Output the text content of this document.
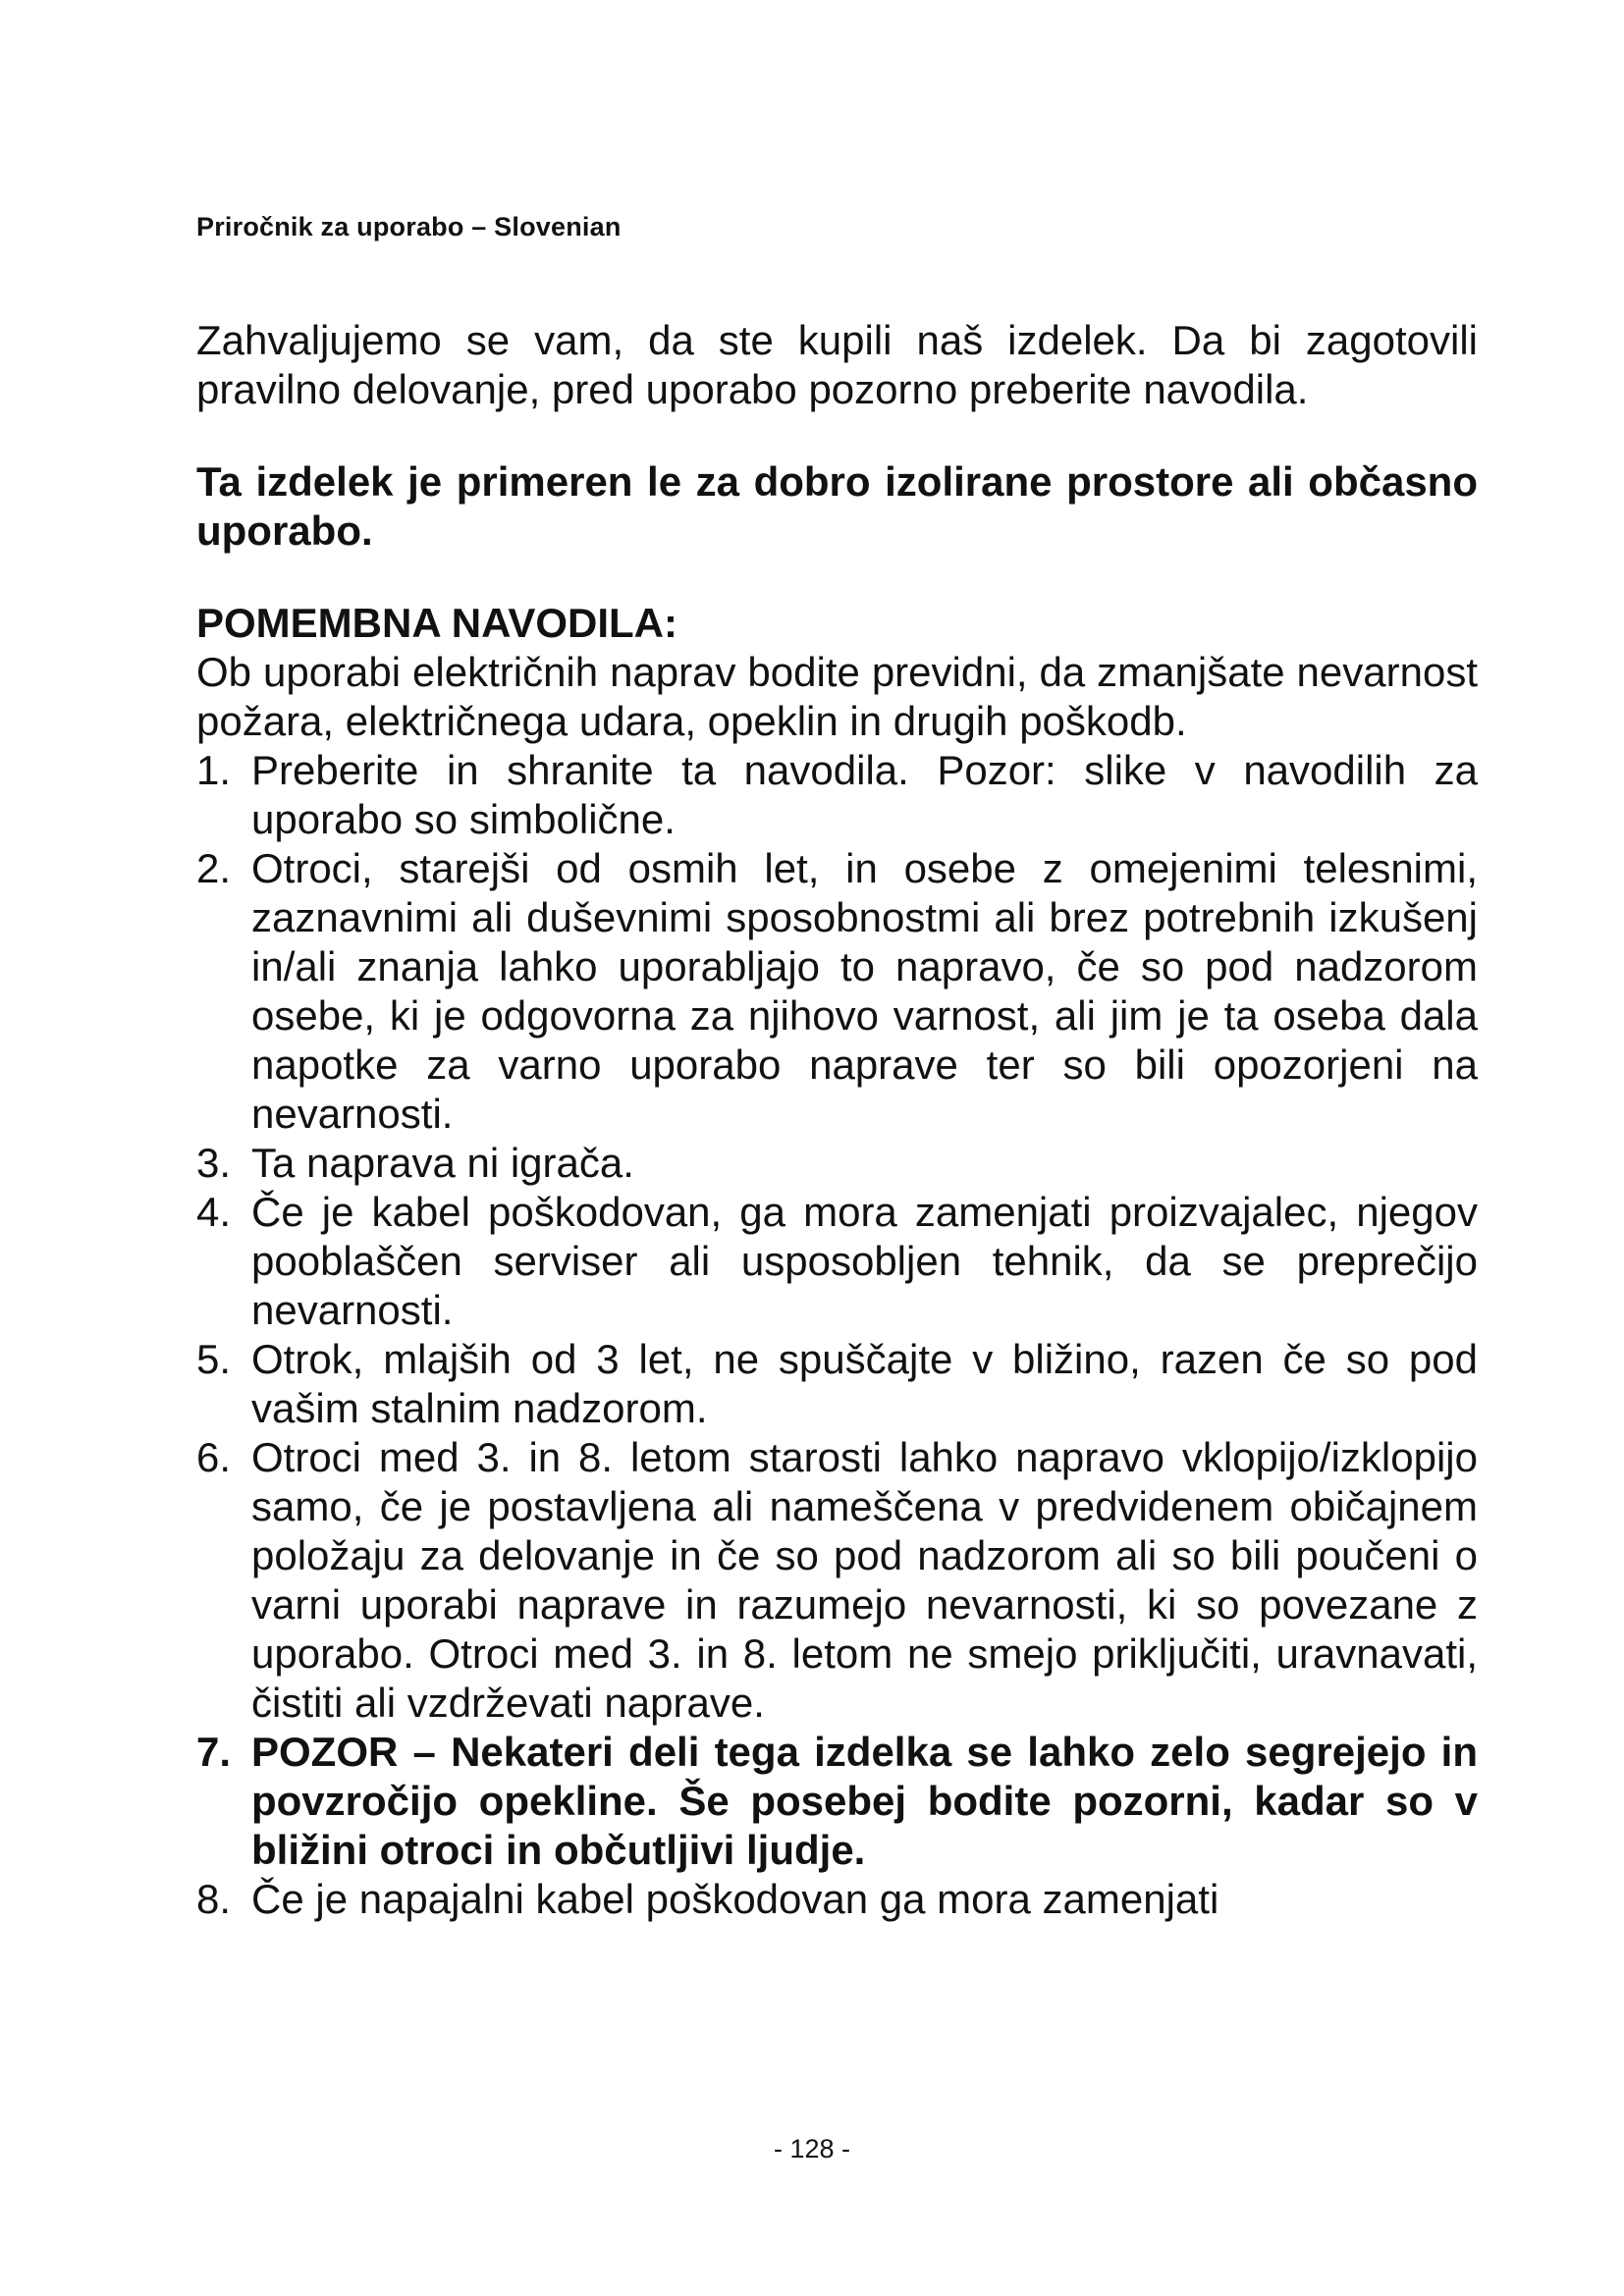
Priročnik za uporabo – Slovenian

Zahvaljujemo se vam, da ste kupili naš izdelek. Da bi zagotovili pravilno delovanje, pred uporabo pozorno preberite navodila.

Ta izdelek je primeren le za dobro izolirane prostore ali občasno uporabo.

POMEMBNA NAVODILA:

Ob uporabi električnih naprav bodite previdni, da zmanjšate nevarnost požara, električnega udara, opeklin in drugih poškodb.

1. Preberite in shranite ta navodila. Pozor: slike v navodilih za uporabo so simbolične.
2. Otroci, starejši od osmih let, in osebe z omejenimi telesnimi, zaznavnimi ali duševnimi sposobnostmi ali brez potrebnih izkušenj in/ali znanja lahko uporabljajo to napravo, če so pod nadzorom osebe, ki je odgovorna za njihovo varnost, ali jim je ta oseba dala napotke za varno uporabo naprave ter so bili opozorjeni na nevarnosti.
3. Ta naprava ni igrača.
4. Če je kabel poškodovan, ga mora zamenjati proizvajalec, njegov pooblaščen serviser ali usposobljen tehnik, da se preprečijo nevarnosti.
5. Otrok, mlajših od 3 let, ne spuščajte v bližino, razen če so pod vašim stalnim nadzorom.
6. Otroci med 3. in 8. letom starosti lahko napravo vklopijo/izklopijo samo, če je postavljena ali nameščena v predvidenem običajnem položaju za delovanje in če so pod nadzorom ali so bili poučeni o varni uporabi naprave in razumejo nevarnosti, ki so povezane z uporabo. Otroci med 3. in 8. letom ne smejo priključiti, uravnavati, čistiti ali vzdrževati naprave.
7. POZOR – Nekateri deli tega izdelka se lahko zelo segrejejo in povzročijo opekline. Še posebej bodite pozorni, kadar so v bližini otroci in občutljivi ljudje.
8. Če je napajalni kabel poškodovan ga mora zamenjati
- 128 -
